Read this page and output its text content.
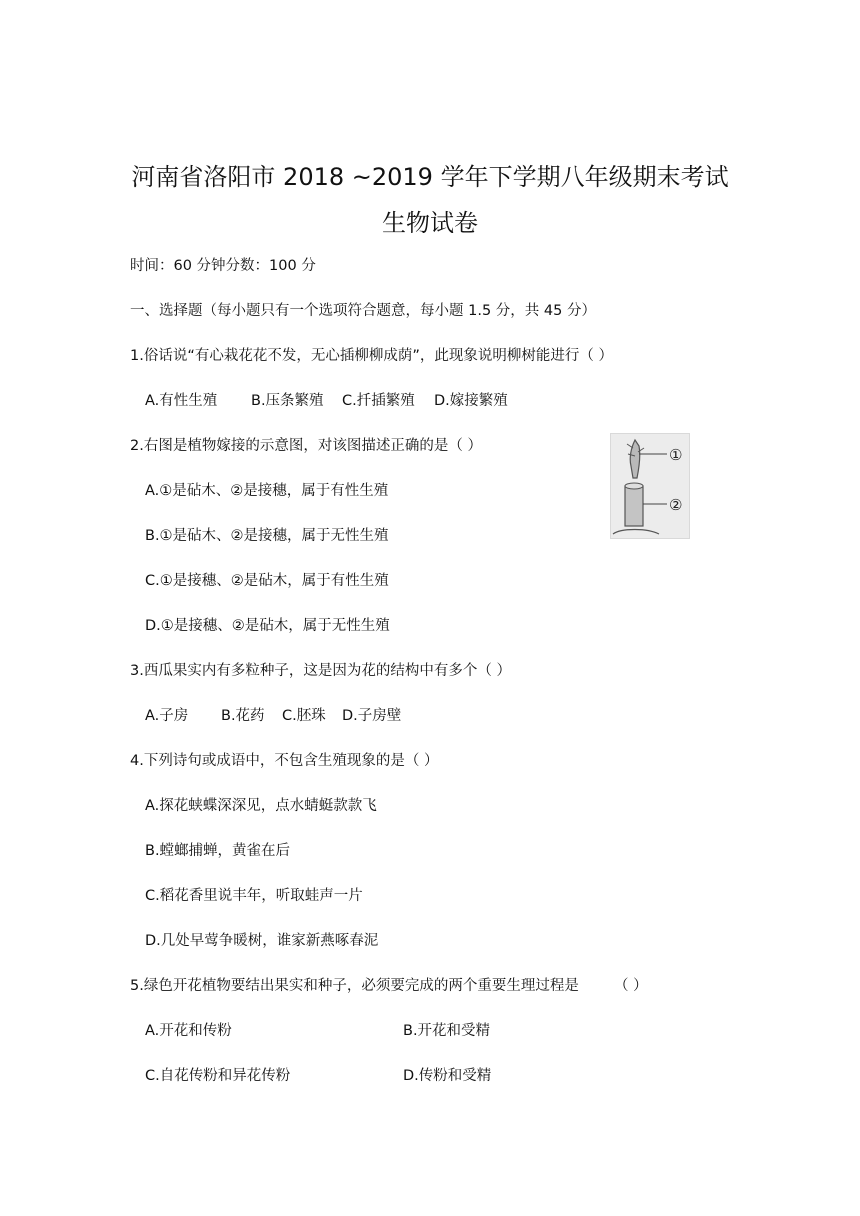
河南省洛阳市 2018 ~2019 学年下学期八年级期末考试
生物试卷
时间：60 分钟分数：100 分
一、选择题（每小题只有一个选项符合题意，每小题 1.5 分，共 45 分）
1.俗话说“有心栽花花不发，无心插柳柳成荫”，此现象说明柳树能进行（ ）
A.有性生殖 B.压条繁殖 C.扦插繁殖 D.嫁接繁殖
2.右图是植物嫁接的示意图，对该图描述正确的是（ ）
A.①是砧木、②是接穗，属于有性生殖
B.①是砧木、②是接穗，属于无性生殖
C.①是接穗、②是砧木，属于有性生殖
D.①是接穗、②是砧木，属于无性生殖
①
②
3.西瓜果实内有多粒种子，这是因为花的结构中有多个（ ）
A.子房 B.花药 C.胚珠 D.子房壁
4.下列诗句或成语中，不包含生殖现象的是（ ）
A.探花蛱蝶深深见，点水蜻蜓款款飞
B.螳螂捕蝉，黄雀在后
C.稻花香里说丰年，听取蛙声一片
D.几处早莺争暖树，谁家新燕啄春泥
5.绿色开花植物要结出果实和种子，必须要完成的两个重要生理过程是 （ ）
A.开花和传粉	B.开花和受精
C.自花传粉和异花传粉	D.传粉和受精
